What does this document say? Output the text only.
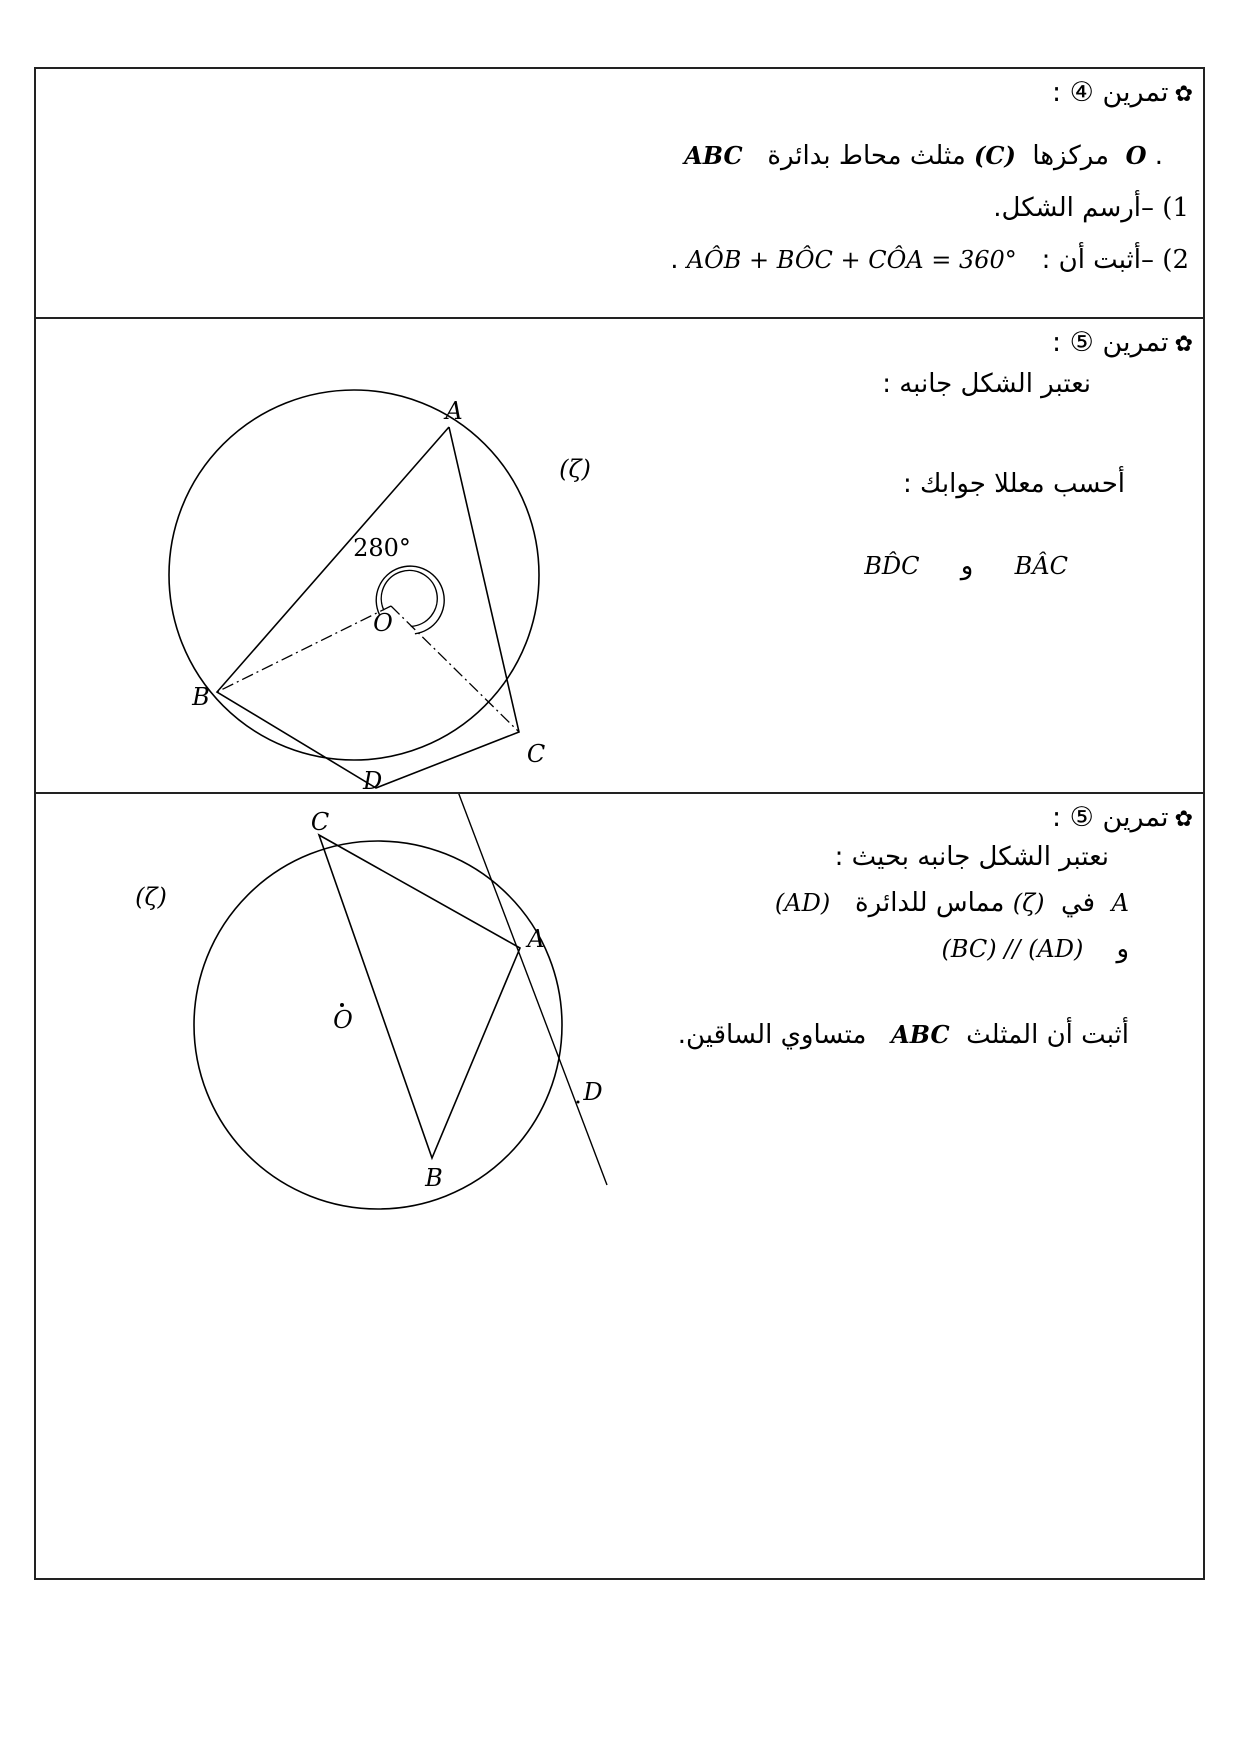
✿تمرين ④ :
ABC مثلث محاط بدائرة (C) مركزها O .
1) –أرسم الشكل.
2) –أثبت أن :   AÔB + BÔC + CÔA = 360° .
✿تمرين ⑤ :
نعتبر الشكل جانبه :
أحسب معللا جوابك :
BD̂C و BÂC
280°
(ζ)
A
B
C
O
D
✿تمرين ⑤ :
نعتبر الشكل جانبه بحيث :
(AD) مماس للدائرة (ζ) في A
و    (BC) // (AD)
أثبت أن المثلث  ABC   متساوي الساقين.
(ζ)
A
B
C
D
O
